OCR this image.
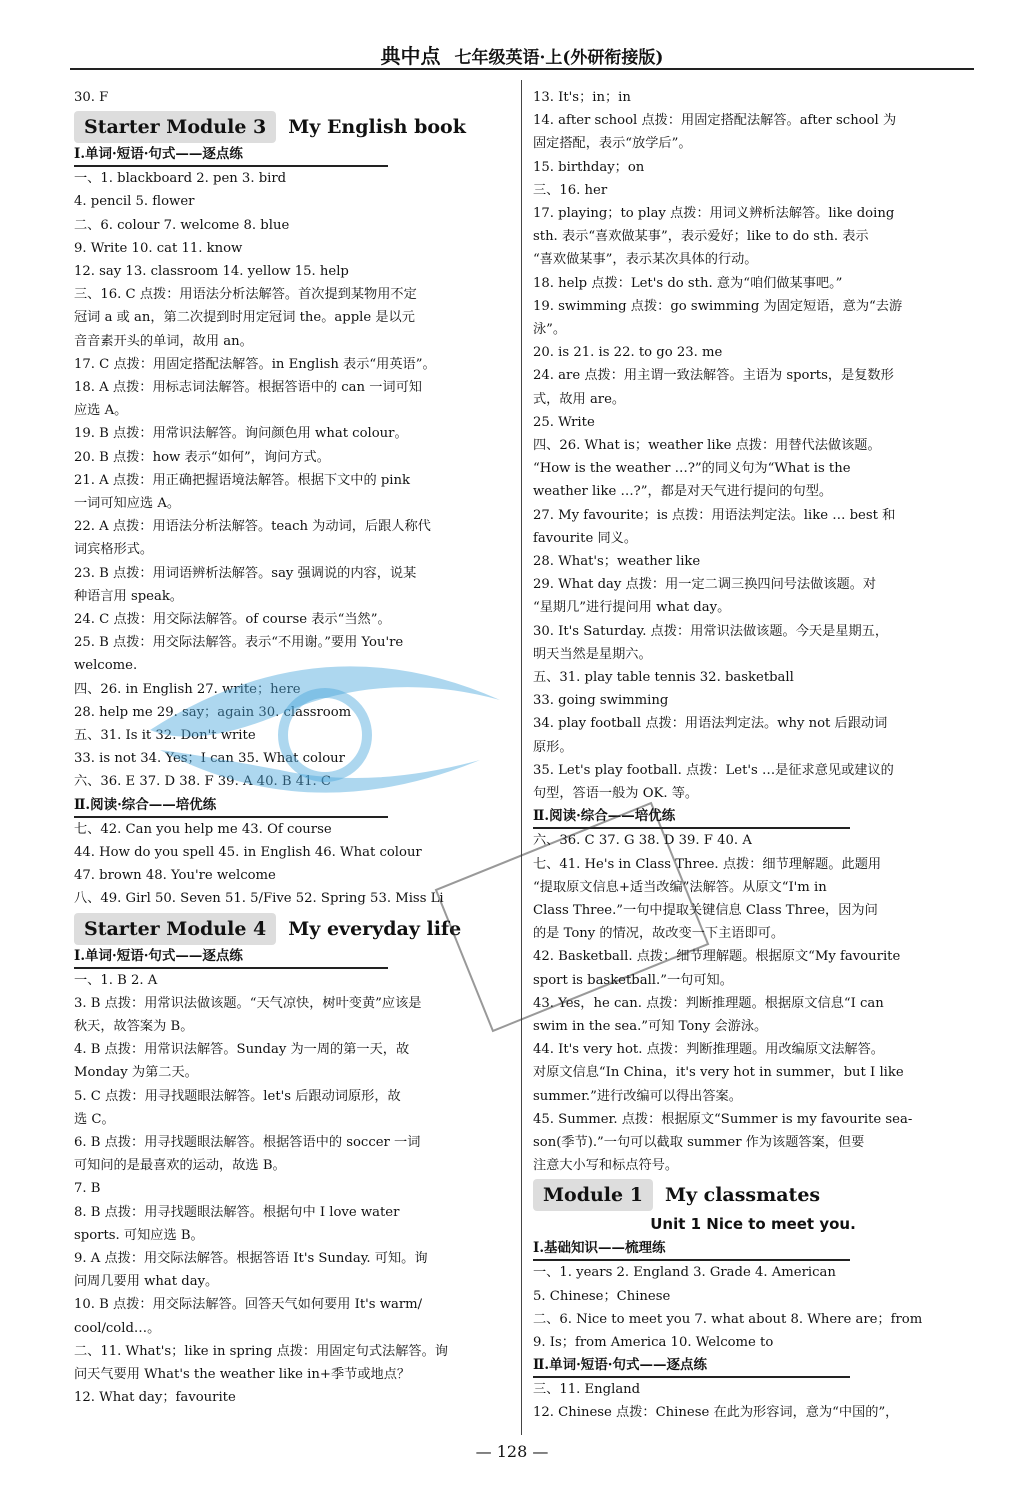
典中点 七年级英语·上(外研衔接版)
30. F
Starter Module 3 My English book
Ⅰ.单词·短语·句式——逐点练
一、1. blackboard 2. pen 3. bird
4. pencil 5. flower
二、6. colour 7. welcome 8. blue
9. Write 10. cat 11. know
12. say 13. classroom 14. yellow 15. help
三、16. C 点拨：用语法分析法解答。首次提到某物用不定
冠词 a 或 an，第二次提到时用定冠词 the。apple 是以元
音音素开头的单词，故用 an。
17. C 点拨：用固定搭配法解答。in English 表示“用英语”。
18. A 点拨：用标志词法解答。根据答语中的 can 一词可知
应选 A。
19. B 点拨：用常识法解答。询问颜色用 what colour。
20. B 点拨：how 表示“如何”，询问方式。
21. A 点拨：用正确把握语境法解答。根据下文中的 pink
一词可知应选 A。
22. A 点拨：用语法分析法解答。teach 为动词，后跟人称代
词宾格形式。
23. B 点拨：用词语辨析法解答。say 强调说的内容，说某
种语言用 speak。
24. C 点拨：用交际法解答。of course 表示“当然”。
25. B 点拨：用交际法解答。表示“不用谢。”要用 You're
welcome.
四、26. in English 27. write；here
28. help me 29. say；again 30. classroom
五、31. Is it 32. Don't write
33. is not 34. Yes；I can 35. What colour
六、36. E 37. D 38. F 39. A 40. B 41. C
Ⅱ.阅读·综合——培优练
七、42. Can you help me 43. Of course
44. How do you spell 45. in English 46. What colour
47. brown 48. You're welcome
八、49. Girl 50. Seven 51. 5/Five 52. Spring 53. Miss Li
Starter Module 4 My everyday life
Ⅰ.单词·短语·句式——逐点练
一、1. B 2. A
3. B 点拨：用常识法做该题。“天气凉快，树叶变黄”应该是
秋天，故答案为 B。
4. B 点拨：用常识法解答。Sunday 为一周的第一天，故
Monday 为第二天。
5. C 点拨：用寻找题眼法解答。let's 后跟动词原形，故
选 C。
6. B 点拨：用寻找题眼法解答。根据答语中的 soccer 一词
可知问的是最喜欢的运动，故选 B。
7. B
8. B 点拨：用寻找题眼法解答。根据句中 I love water
sports. 可知应选 B。
9. A 点拨：用交际法解答。根据答语 It's Sunday. 可知。询
问周几要用 what day。
10. B 点拨：用交际法解答。回答天气如何要用 It's warm/
cool/cold…。
二、11. What's；like in spring 点拨：用固定句式法解答。询
问天气要用 What's the weather like in+季节或地点？
12. What day；favourite
13. It's；in；in
14. after school 点拨：用固定搭配法解答。after school 为
固定搭配，表示“放学后”。
15. birthday；on
三、16. her
17. playing；to play 点拨：用词义辨析法解答。like doing
sth. 表示“喜欢做某事”，表示爱好；like to do sth. 表示
“喜欢做某事”，表示某次具体的行动。
18. help 点拨：Let's do sth. 意为“咱们做某事吧。”
19. swimming 点拨：go swimming 为固定短语，意为“去游
泳”。
20. is 21. is 22. to go 23. me
24. are 点拨：用主谓一致法解答。主语为 sports，是复数形
式，故用 are。
25. Write
四、26. What is；weather like 点拨：用替代法做该题。
“How is the weather …?”的同义句为“What is the
weather like …?”，都是对天气进行提问的句型。
27. My favourite；is 点拨：用语法判定法。like … best 和
favourite 同义。
28. What's；weather like
29. What day 点拨：用一定二调三换四问号法做该题。对
“星期几”进行提问用 what day。
30. It's Saturday. 点拨：用常识法做该题。今天是星期五，
明天当然是星期六。
五、31. play table tennis 32. basketball
33. going swimming
34. play football 点拨：用语法判定法。why not 后跟动词
原形。
35. Let's play football. 点拨：Let's …是征求意见或建议的
句型，答语一般为 OK. 等。
Ⅱ.阅读·综合——培优练
六、36. C 37. G 38. D 39. F 40. A
七、41. He's in Class Three. 点拨：细节理解题。此题用
“提取原文信息+适当改编”法解答。从原文“I'm in
Class Three.”一句中提取关键信息 Class Three，因为问
的是 Tony 的情况，故改变一下主语即可。
42. Basketball. 点拨：细节理解题。根据原文“My favourite
sport is basketball.”一句可知。
43. Yes，he can. 点拨：判断推理题。根据原文信息“I can
swim in the sea.”可知 Tony 会游泳。
44. It's very hot. 点拨：判断推理题。用改编原文法解答。
对原文信息“In China，it's very hot in summer，but I like
summer.”进行改编可以得出答案。
45. Summer. 点拨：根据原文“Summer is my favourite sea-
son(季节).”一句可以截取 summer 作为该题答案，但要
注意大小写和标点符号。
Module 1 My classmates
Unit 1 Nice to meet you.
Ⅰ.基础知识——梳理练
一、1. years 2. England 3. Grade 4. American
5. Chinese；Chinese
二、6. Nice to meet you 7. what about 8. Where are；from
9. Is；from America 10. Welcome to
Ⅱ.单词·短语·句式——逐点练
三、11. England
12. Chinese 点拨：Chinese 在此为形容词，意为“中国的”，
— 128 —
